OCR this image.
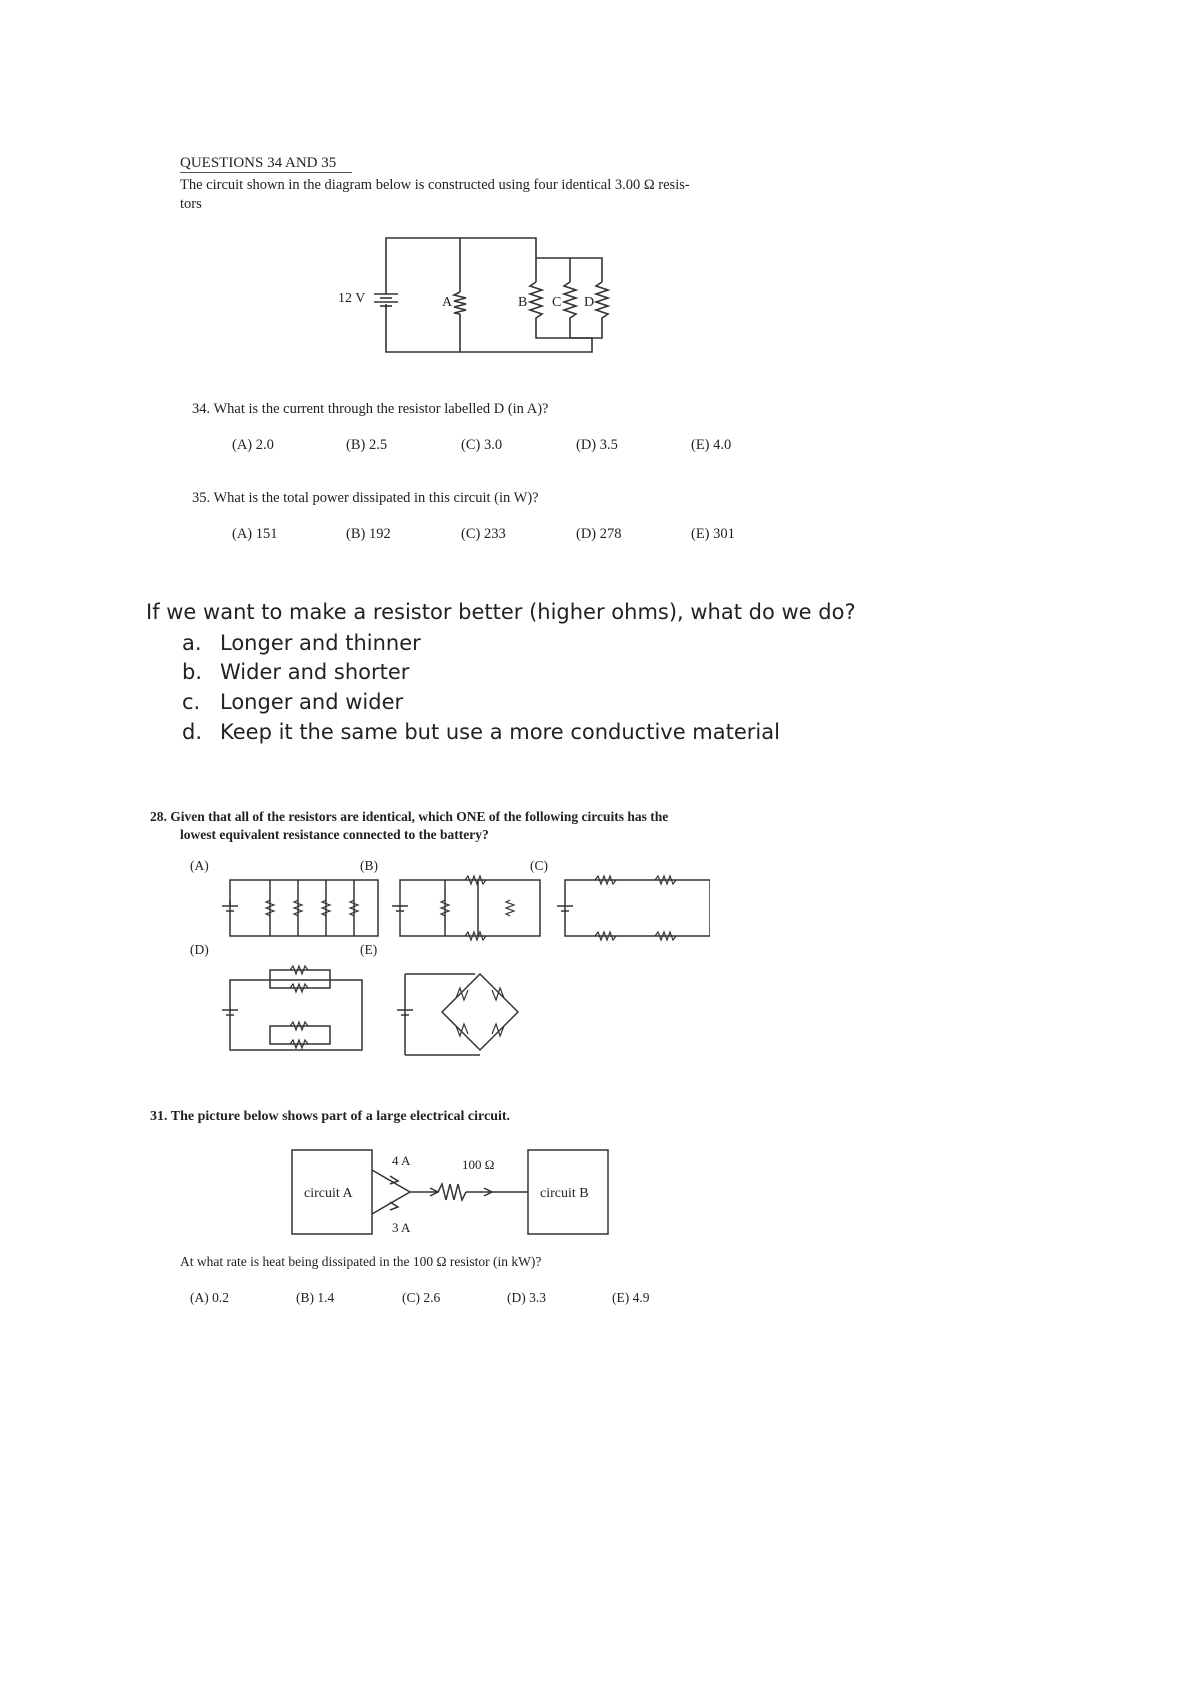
QUESTIONS 34 AND 35
The circuit shown in the diagram below is constructed using four identical 3.00 Ω resis-
tors
12 V	A	B C D
34. What is the current through the resistor labelled D (in A)?
(A) 2.0	(B) 2.5	(C) 3.0	(D) 3.5	(E) 4.0
35. What is the total power dissipated in this circuit (in W)?
(A) 151	(B) 192	(C) 233	(D) 278	(E) 301
If we want to make a resistor better (higher ohms), what do we do?
a. Longer and thinner
b. Wider and shorter
c. Longer and wider
d. Keep it the same but use a more conductive material
28. Given that all of the resistors are identical, which ONE of the following circuits has the
lowest equivalent resistance connected to the battery?
(A)	(B)	(C)
(D)	(E)
31. The picture below shows part of a large electrical circuit.
circuit A	circuit B
4 A
3 A
100 Ω
At what rate is heat being dissipated in the 100 Ω resistor (in kW)?
(A) 0.2	(B) 1.4	(C) 2.6	(D) 3.3	(E) 4.9
